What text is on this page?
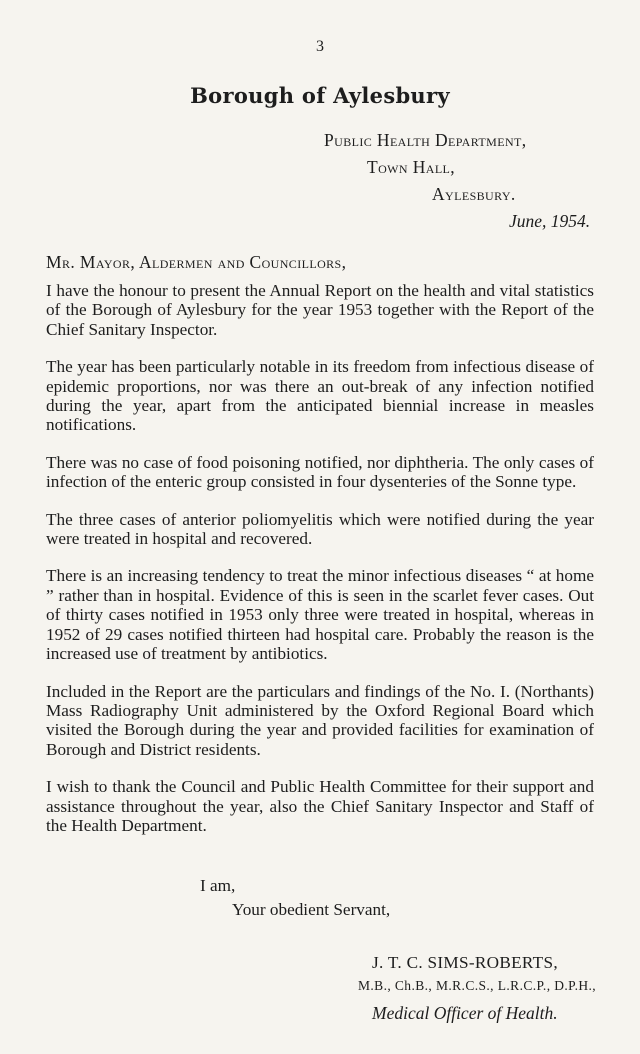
3
Borough of Aylesbury
Public Health Department,
Town Hall,
Aylesbury.
June, 1954.
Mr. Mayor, Aldermen and Councillors,

I have the honour to present the Annual Report on the health and vital statistics of the Borough of Aylesbury for the year 1953 together with the Report of the Chief Sanitary Inspector.

The year has been particularly notable in its freedom from infectious disease of epidemic proportions, nor was there an out-break of any infection notified during the year, apart from the anticipated biennial increase in measles notifications.

There was no case of food poisoning notified, nor diphtheria. The only cases of infection of the enteric group consisted in four dysenteries of the Sonne type.

The three cases of anterior poliomyelitis which were notified during the year were treated in hospital and recovered.

There is an increasing tendency to treat the minor infectious diseases “ at home ” rather than in hospital. Evidence of this is seen in the scarlet fever cases. Out of thirty cases notified in 1953 only three were treated in hospital, whereas in 1952 of 29 cases notified thirteen had hospital care. Probably the reason is the increased use of treatment by antibiotics.

Included in the Report are the particulars and findings of the No. I. (Northants) Mass Radiography Unit administered by the Oxford Regional Board which visited the Borough during the year and provided facilities for examination of Borough and District residents.

I wish to thank the Council and Public Health Committee for their support and assistance throughout the year, also the Chief Sanitary Inspector and Staff of the Health Department.

I am,
Your obedient Servant,
J. T. C. SIMS-ROBERTS,
M.B., Ch.B., M.R.C.S., L.R.C.P., D.P.H.,
Medical Officer of Health.
